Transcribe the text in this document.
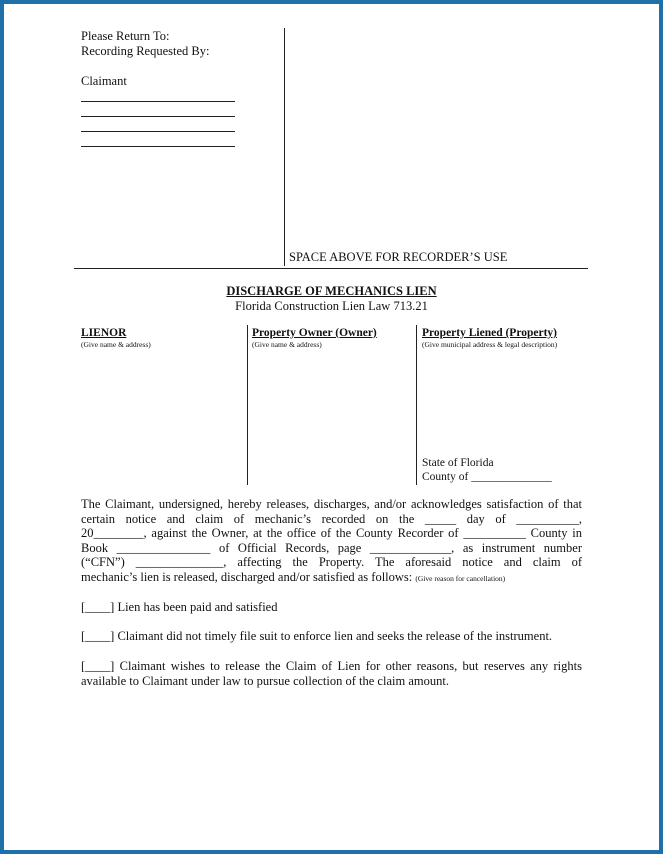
Please Return To:
Recording Requested By:
Claimant
SPACE ABOVE FOR RECORDER’S USE
DISCHARGE OF MECHANICS LIEN
Florida Construction Lien Law 713.21
LIENOR
(Give name & address)
Property Owner (Owner)
(Give name & address)
Property Liened (Property)
(Give municipal address & legal description)
State of Florida
County of ______________
The Claimant, undersigned, hereby releases, discharges, and/or acknowledges satisfaction of that
certain notice and claim of mechanic’s recorded on the _____ day of __________,
20________, against the Owner, at the office of the County Recorder of __________ County in
Book _______________ of Official Records, page _____________, as instrument number
(“CFN”) ______________, affecting the Property. The aforesaid notice and claim of
mechanic’s lien is released, discharged and/or satisfied as follows: (Give reason for cancellation)
[____] Lien has been paid and satisfied
[____] Claimant did not timely file suit to enforce lien and seeks the release of the instrument.
[____] Claimant wishes to release the Claim of Lien for other reasons, but reserves any rights available to Claimant under law to pursue collection of the claim amount.
